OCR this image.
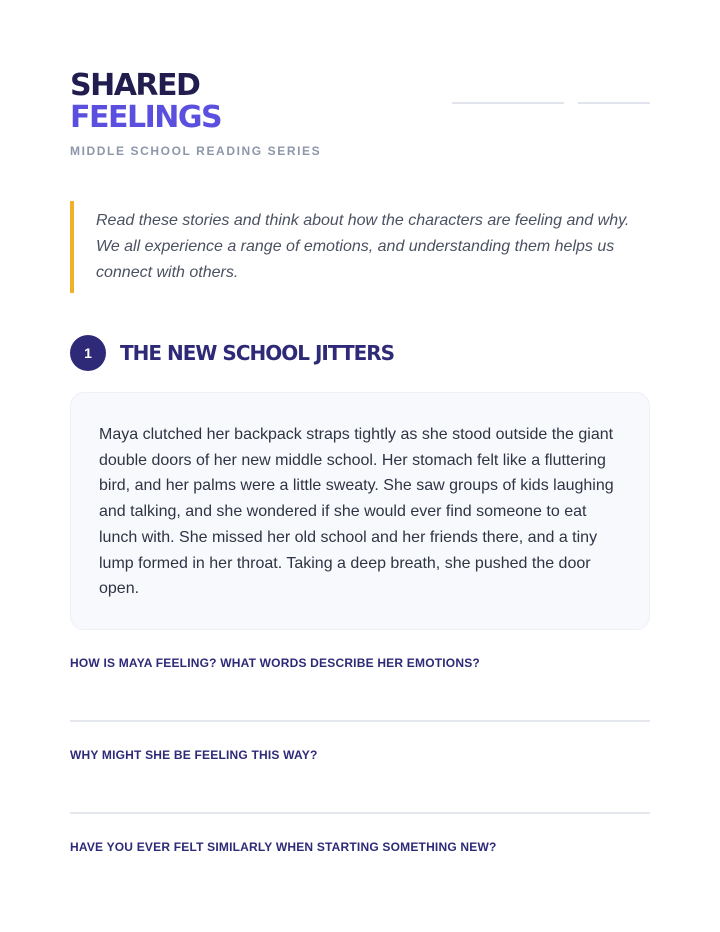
SHARED
FEELINGS
MIDDLE SCHOOL READING SERIES

Read these stories and think about how the characters are feeling and why. We all experience a range of emotions, and understanding them helps us connect with others.

1	THE NEW SCHOOL JITTERS

Maya clutched her backpack straps tightly as she stood outside the giant double doors of her new middle school. Her stomach felt like a fluttering bird, and her palms were a little sweaty. She saw groups of kids laughing and talking, and she wondered if she would ever find someone to eat lunch with. She missed her old school and her friends there, and a tiny lump formed in her throat. Taking a deep breath, she pushed the door open.

HOW IS MAYA FEELING? WHAT WORDS DESCRIBE HER EMOTIONS?
WHY MIGHT SHE BE FEELING THIS WAY?
HAVE YOU EVER FELT SIMILARLY WHEN STARTING SOMETHING NEW?
